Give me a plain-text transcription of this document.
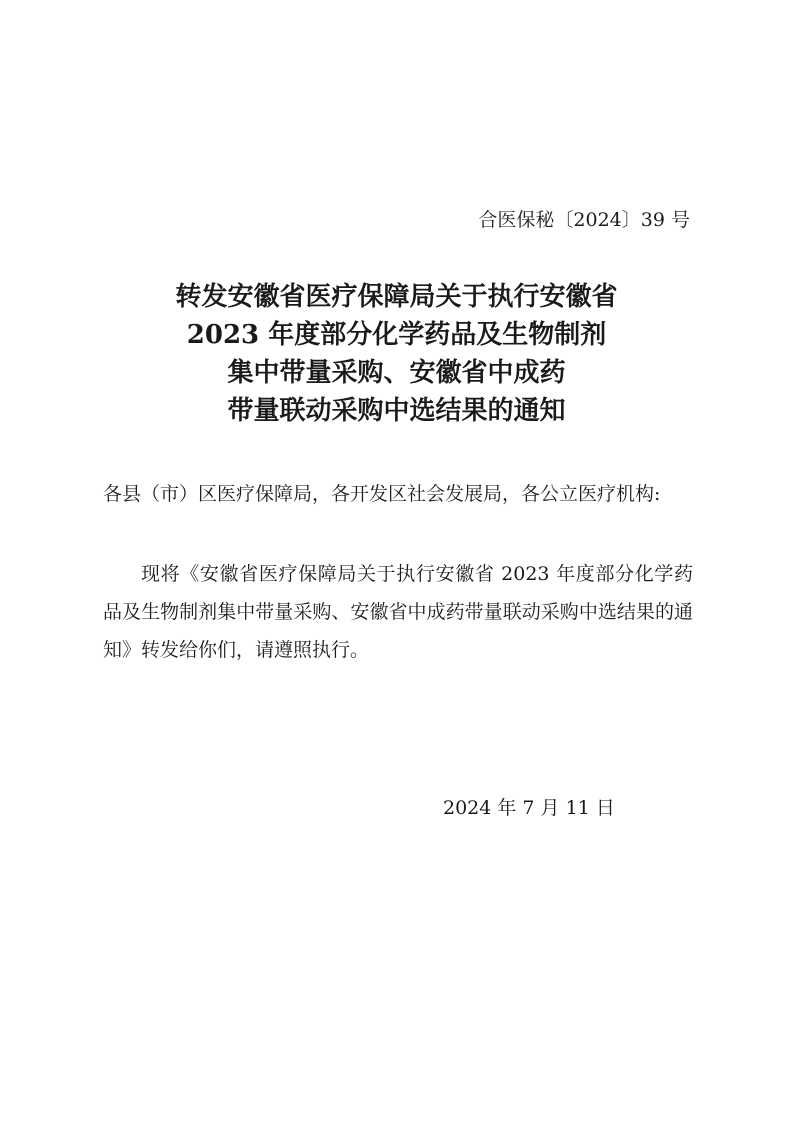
合医保秘〔2024〕39 号
转发安徽省医疗保障局关于执行安徽省
2023 年度部分化学药品及生物制剂
集中带量采购、安徽省中成药
带量联动采购中选结果的通知

各县（市）区医疗保障局，各开发区社会发展局，各公立医疗机构:

现将《安徽省医疗保障局关于执行安徽省 2023 年度部分化学药品及生物制剂集中带量采购、安徽省中成药带量联动采购中选结果的通知》转发给你们，请遵照执行。

2024 年 7 月 11 日
